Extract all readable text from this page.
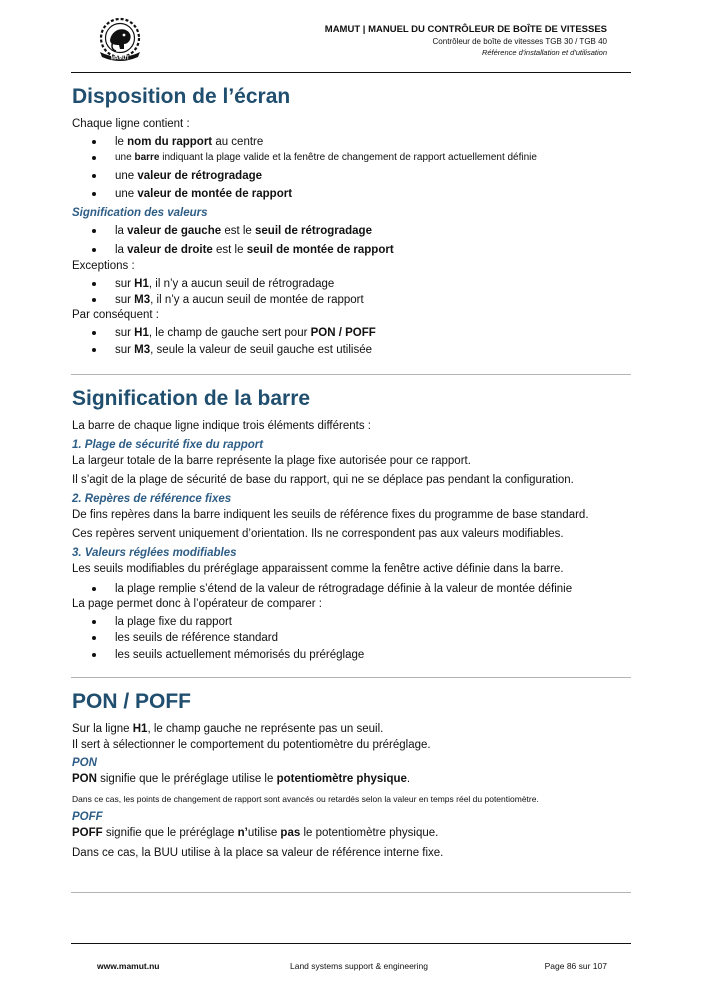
MAMUT
MAMUT | MANUEL DU CONTRÔLEUR DE BOÎTE DE VITESSES
Contrôleur de boîte de vitesses TGB 30 / TGB 40
Référence d'installation et d'utilisation
Disposition de l’écran
Chaque ligne contient :
le nom du rapport au centre
une barre indiquant la plage valide et la fenêtre de changement de rapport actuellement définie
une valeur de rétrogradage
une valeur de montée de rapport
Signification des valeurs
la valeur de gauche est le seuil de rétrogradage
la valeur de droite est le seuil de montée de rapport
Exceptions :
sur H1, il n’y a aucun seuil de rétrogradage
sur M3, il n’y a aucun seuil de montée de rapport
Par conséquent :
sur H1, le champ de gauche sert pour PON / POFF
sur M3, seule la valeur de seuil gauche est utilisée
Signification de la barre
La barre de chaque ligne indique trois éléments différents :
1. Plage de sécurité fixe du rapport
La largeur totale de la barre représente la plage fixe autorisée pour ce rapport.
Il s’agit de la plage de sécurité de base du rapport, qui ne se déplace pas pendant la configuration.
2. Repères de référence fixes
De fins repères dans la barre indiquent les seuils de référence fixes du programme de base standard.
Ces repères servent uniquement d’orientation. Ils ne correspondent pas aux valeurs modifiables.
3. Valeurs réglées modifiables
Les seuils modifiables du préréglage apparaissent comme la fenêtre active définie dans la barre.
la plage remplie s’étend de la valeur de rétrogradage définie à la valeur de montée définie
La page permet donc à l’opérateur de comparer :
la plage fixe du rapport
les seuils de référence standard
les seuils actuellement mémorisés du préréglage
PON / POFF
Sur la ligne H1, le champ gauche ne représente pas un seuil.
Il sert à sélectionner le comportement du potentiomètre du préréglage.
PON
PON signifie que le préréglage utilise le potentiomètre physique.
Dans ce cas, les points de changement de rapport sont avancés ou retardés selon la valeur en temps réel du potentiomètre.
POFF
POFF signifie que le préréglage n’utilise pas le potentiomètre physique.
Dans ce cas, la BUU utilise à la place sa valeur de référence interne fixe.
www.mamut.nu	Land systems support & engineering	Page 86 sur 107
